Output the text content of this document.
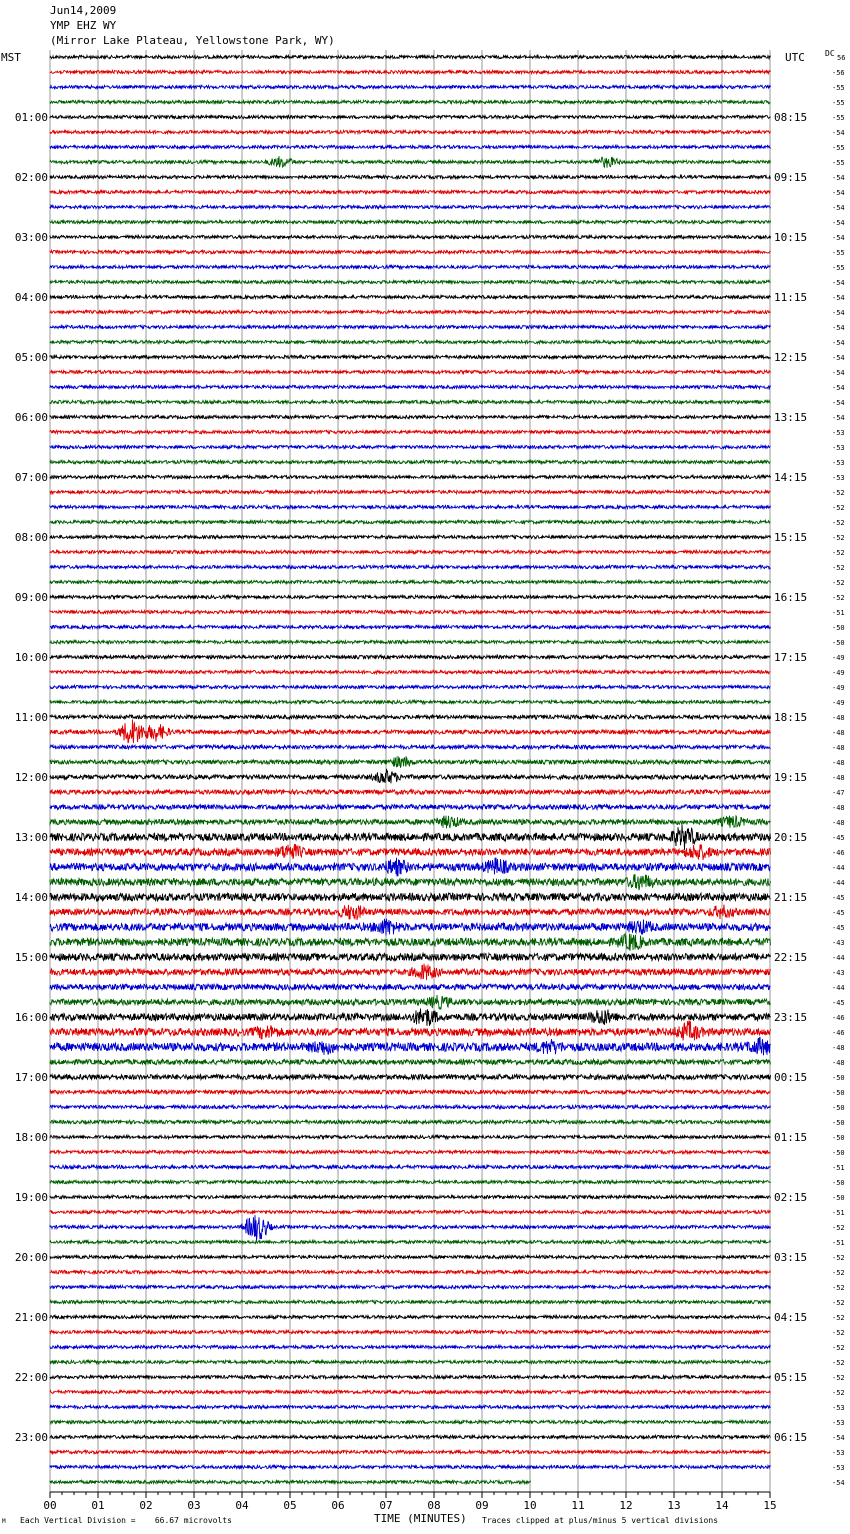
Jun14,2009
YMP EHZ WY
(Mirror Lake Plateau, Yellowstone Park, WY)
MST	UTC	DC
00	01	02	03	04	05	06	07	08	09	10	11	12	13	14	15
56
-56
-55
-55
-55
01:00	08:15
-54
-55
-55
-54
02:00	09:15
-54
-54
-54
-54
03:00	10:15
-55
-55
-54
-54
04:00	11:15
-54
-54
-54
-54
05:00	12:15
-54
-54
-54
-54
06:00	13:15
-53
-53
-53
-53
07:00	14:15
-52
-52
-52
-52
08:00	15:15
-52
-52
-52
-52
09:00	16:15
-51
-50
-50
-49
10:00	17:15
-49
-49
-49
-48
11:00	18:15
-48
-48
-48
-48
12:00	19:15
-47
-48
-48
-45
13:00	20:15
-46
-44
-44
-45
14:00	21:15
-45
-45
-43
-44
15:00	22:15
-43
-44
-45
-46
16:00	23:15
-46
-48
-48
-50
17:00	00:15
-50
-50
-50
-50
18:00	01:15
-50
-51
-50
-50
19:00	02:15
-51
-52
-51
-52
20:00	03:15
-52
-52
-52
-52
21:00	04:15
-52
-52
-52
-52
22:00	05:15
-52
-53
-53
-54
23:00	06:15
-53
-53
-54
M Each Vertical Division =    66.67 microvolts	TIME (MINUTES) Traces clipped at plus/minus 5 vertical divisions
